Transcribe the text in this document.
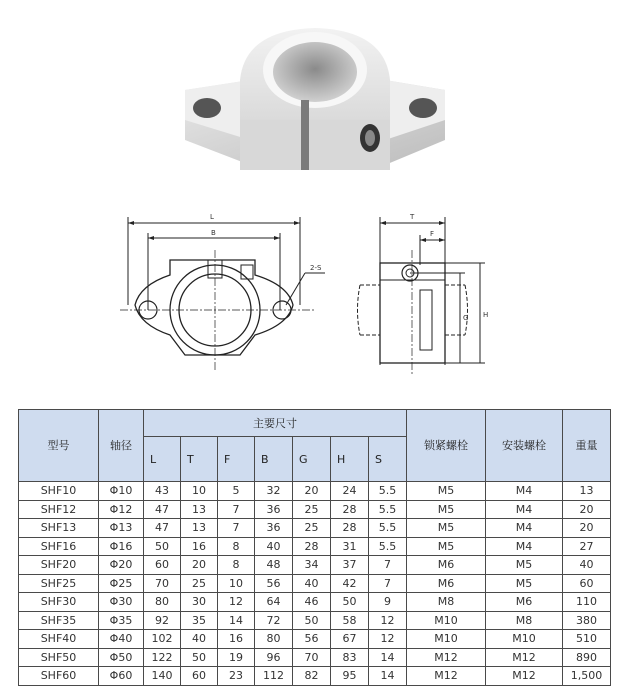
L
B
2-S
T
F
G H
型号	轴径	主要尺寸							锁紧螺栓	安装螺栓	重量
		L	T	F	B	G	H	S			
SHF10	Φ10	43	10	5	32	20	24	5.5	M5	M4	13
SHF12	Φ12	47	13	7	36	25	28	5.5	M5	M4	20
SHF13	Φ13	47	13	7	36	25	28	5.5	M5	M4	20
SHF16	Φ16	50	16	8	40	28	31	5.5	M5	M4	27
SHF20	Φ20	60	20	8	48	34	37	7	M6	M5	40
SHF25	Φ25	70	25	10	56	40	42	7	M6	M5	60
SHF30	Φ30	80	30	12	64	46	50	9	M8	M6	110
SHF35	Φ35	92	35	14	72	50	58	12	M10	M8	380
SHF40	Φ40	102	40	16	80	56	67	12	M10	M10	510
SHF50	Φ50	122	50	19	96	70	83	14	M12	M12	890
SHF60	Φ60	140	60	23	112	82	95	14	M12	M12	1,500
